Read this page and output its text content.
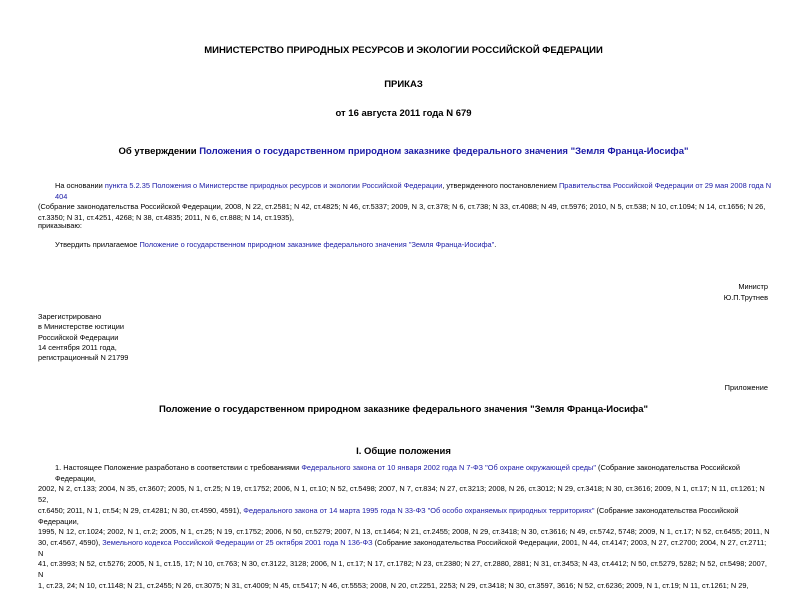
МИНИСТЕРСТВО ПРИРОДНЫХ РЕСУРСОВ И ЭКОЛОГИИ РОССИЙСКОЙ ФЕДЕРАЦИИ
ПРИКАЗ
от 16 августа 2011 года N 679
Об утверждении Положения о государственном природном заказнике федерального значения "Земля Франца-Иосифа"

На основании пункта 5.2.35 Положения о Министерстве природных ресурсов и экологии Российской Федерации, утвержденного постановлением Правительства Российской Федерации от 29 мая 2008 года N 404

(Собрание законодательства Российской Федерации, 2008, N 22, ст.2581; N 42, ст.4825; N 46, ст.5337; 2009, N 3, ст.378; N 6, ст.738; N 33, ст.4088; N 49, ст.5976; 2010, N 5, ст.538; N 10, ст.1094; N 14, ст.1656; N 26,

ст.3350; N 31, ст.4251, 4268; N 38, ст.4835; 2011, N 6, ст.888; N 14, ст.1935),

приказываю:
Утвердить прилагаемое Положение о государственном природном заказнике федерального значения "Земля Франца-Иосифа".
Министр
Ю.П.Трутнев
Зарегистрировано
в Министерстве юстиции
Российской Федерации
14 сентября 2011 года,
регистрационный N 21799
Приложение
Положение о государственном природном заказнике федерального значения "Земля Франца-Иосифа"
I. Общие положения

1. Настоящее Положение разработано в соответствии с требованиями Федерального закона от 10 января 2002 года N 7-ФЗ "Об охране окружающей среды" (Собрание законодательства Российской Федерации,

2002, N 2, ст.133; 2004, N 35, ст.3607; 2005, N 1, ст.25; N 19, ст.1752; 2006, N 1, ст.10; N 52, ст.5498; 2007, N 7, ст.834; N 27, ст.3213; 2008, N 26, ст.3012; N 29, ст.3418; N 30, ст.3616; 2009, N 1, ст.17; N 11, ст.1261; N 52,

ст.6450; 2011, N 1, ст.54; N 29, ст.4281; N 30, ст.4590, 4591), Федерального закона от 14 марта 1995 года N 33-ФЗ "Об особо охраняемых природных территориях" (Собрание законодательства Российской Федерации,

1995, N 12, ст.1024; 2002, N 1, ст.2; 2005, N 1, ст.25; N 19, ст.1752; 2006, N 50, ст.5279; 2007, N 13, ст.1464; N 21, ст.2455; 2008, N 29, ст.3418; N 30, ст.3616; N 49, ст.5742, 5748; 2009, N 1, ст.17; N 52, ст.6455; 2011, N

30, ст.4567, 4590), Земельного кодекса Российской Федерации от 25 октября 2001 года N 136-ФЗ (Собрание законодательства Российской Федерации, 2001, N 44, ст.4147; 2003, N 27, ст.2700; 2004, N 27, ст.2711; N

41, ст.3993; N 52, ст.5276; 2005, N 1, ст.15, 17; N 10, ст.763; N 30, ст.3122, 3128; 2006, N 1, ст.17; N 17, ст.1782; N 23, ст.2380; N 27, ст.2880, 2881; N 31, ст.3453; N 43, ст.4412; N 50, ст.5279, 5282; N 52, ст.5498; 2007, N

1, ст.23, 24; N 10, ст.1148; N 21, ст.2455; N 26, ст.3075; N 31, ст.4009; N 45, ст.5417; N 46, ст.5553; 2008, N 20, ст.2251, 2253; N 29, ст.3418; N 30, ст.3597, 3616; N 52, ст.6236; 2009, N 1, ст.19; N 11, ст.1261; N 29,
